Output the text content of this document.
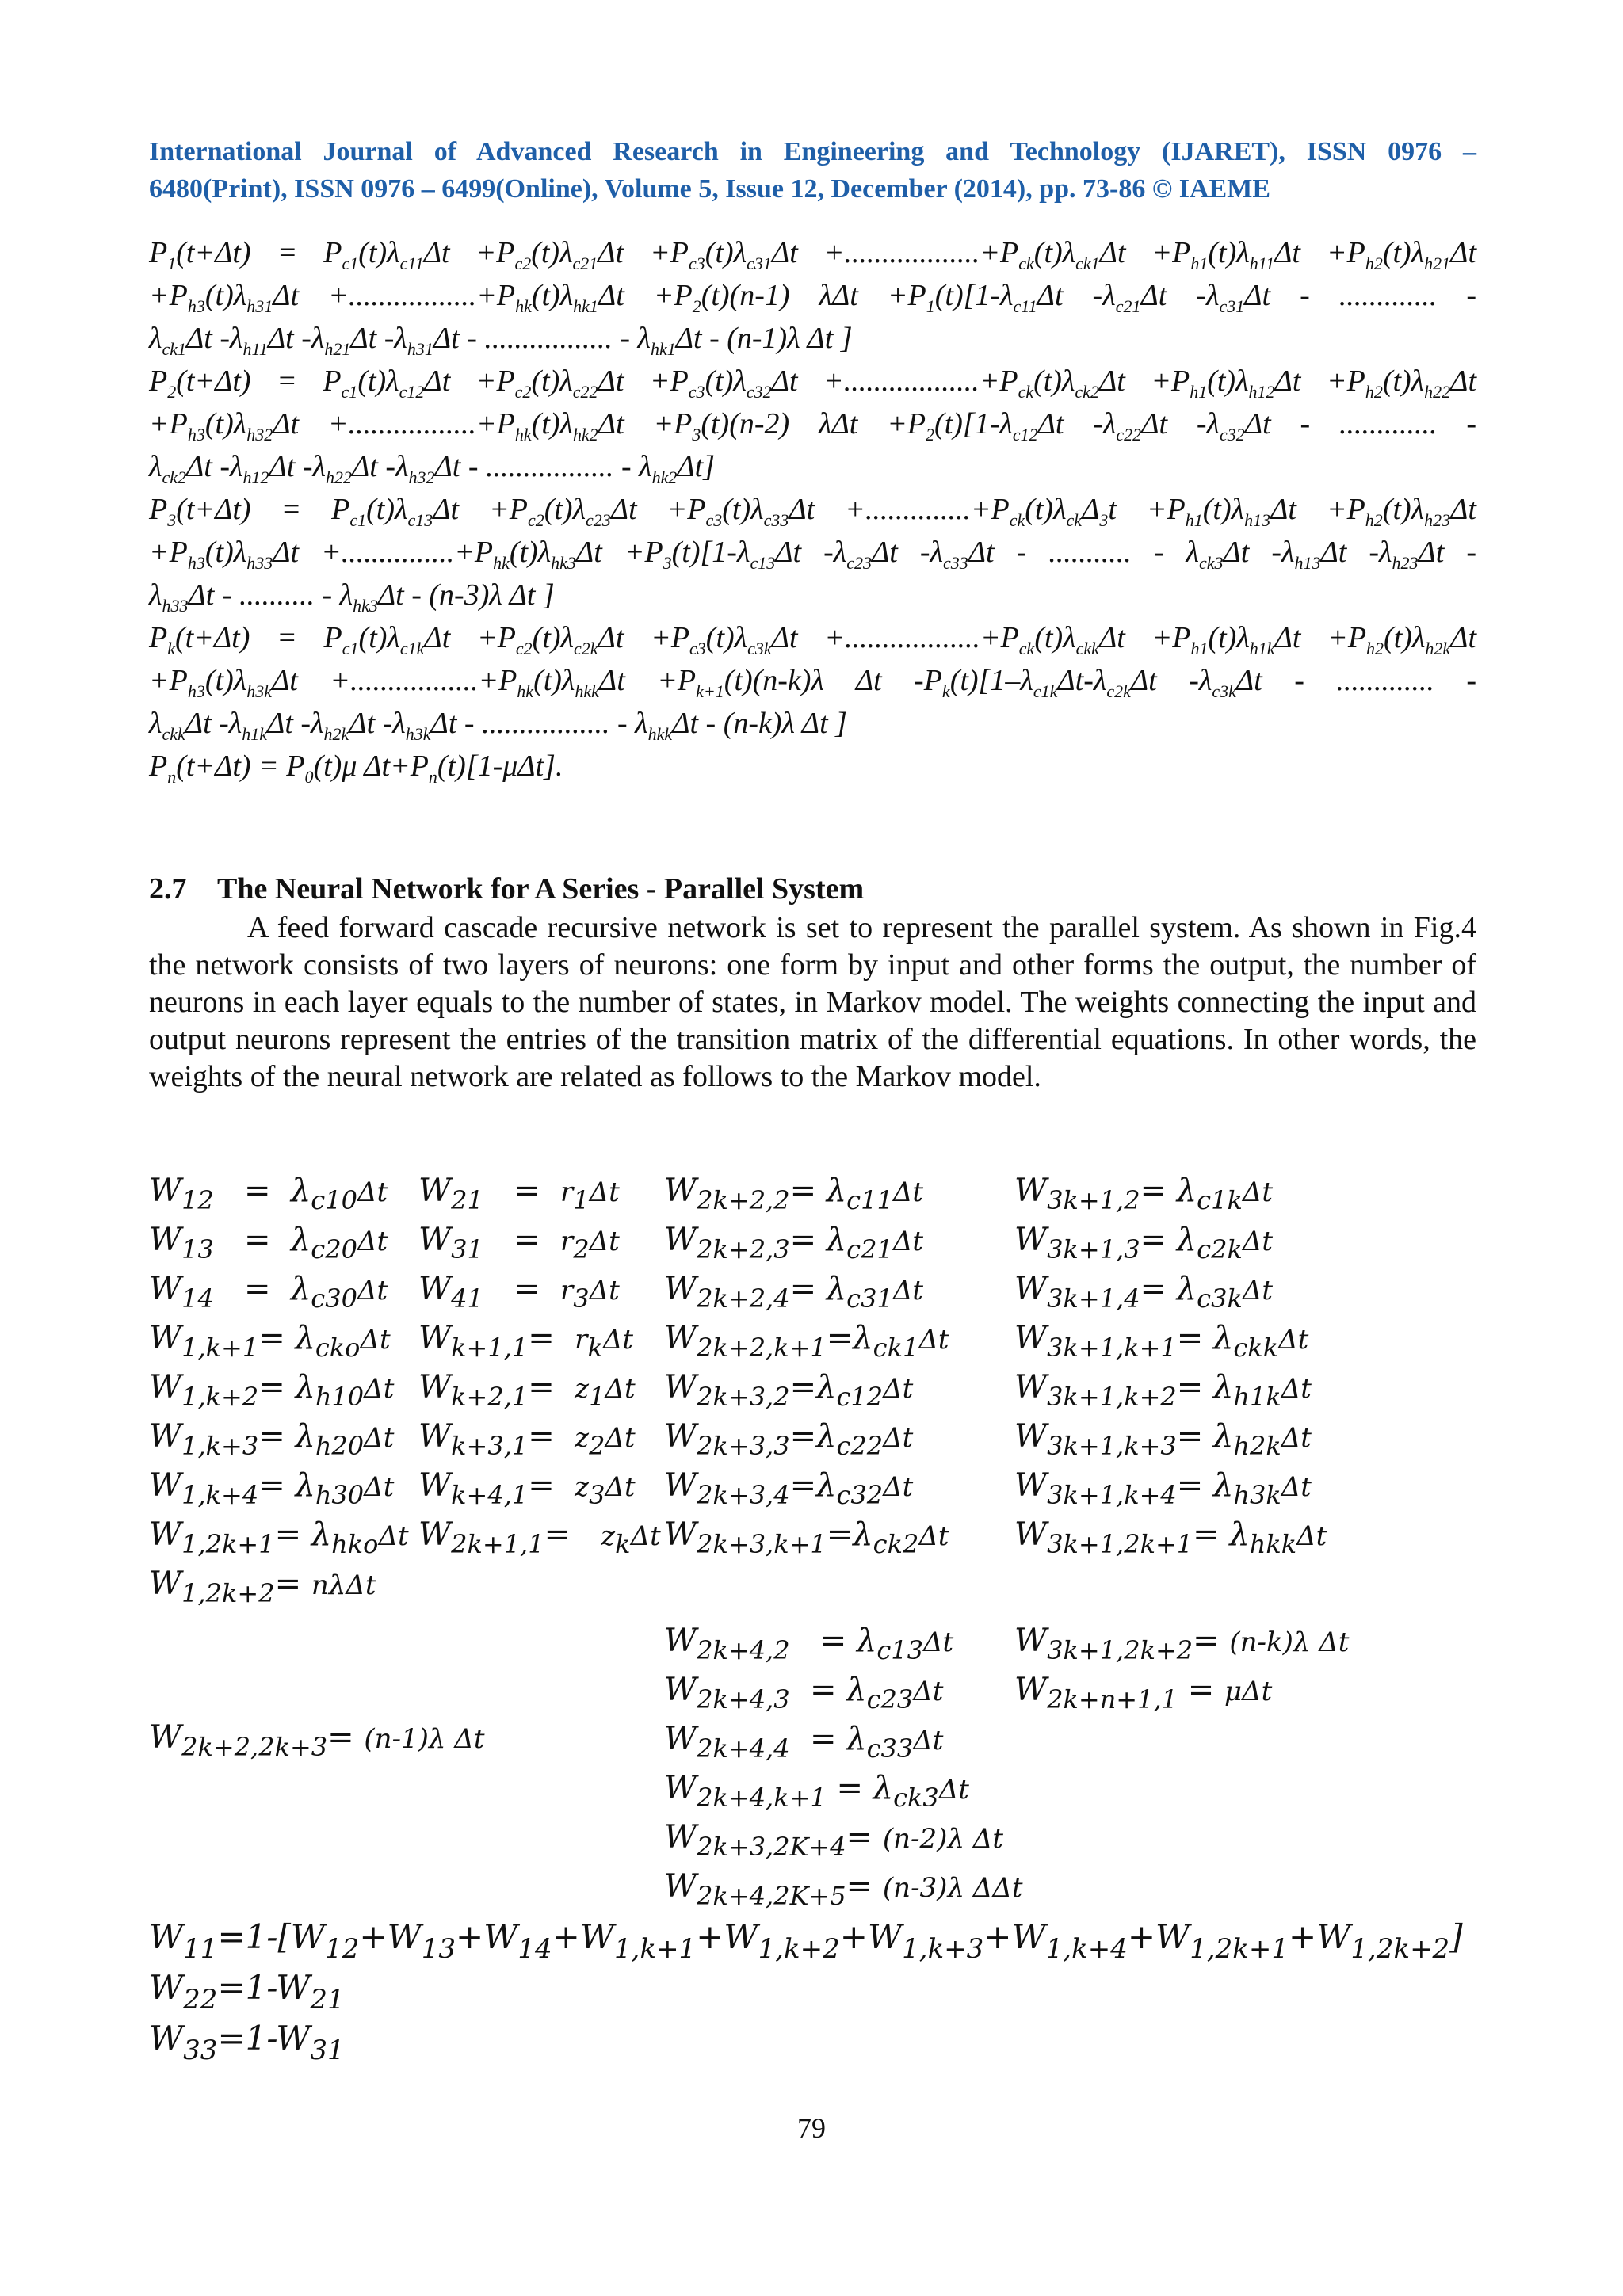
International Journal of Advanced Research in Engineering and Technology (IJARET), ISSN 0976 –
6480(Print), ISSN 0976 – 6499(Online), Volume 5, Issue 12, December (2014), pp. 73-86 © IAEME
$P_1(t+\Delta t) = P_{c1}(t)\lambda_{c11}\Delta t +P_{c2}(t)\lambda_{c21}\Delta t +P_{c3}(t)\lambda_{c31}\Delta t +..................+P_{ck}(t)\lambda_{ck1}\Delta t +P_{h1}(t)\lambda_{h11}\Delta t +P_{h2}(t)\lambda_{h21}\Delta t$
$+P_{h3}(t)\lambda_{h31}\Delta t +.................+P_{hk}(t)\lambda_{hk1}\Delta t +P_2(t)(n-1)$ $\lambda\Delta t +P_1(t)[1-\lambda_{c11}\Delta t$ $-\lambda_{c21}\Delta t$ $-\lambda_{c31}\Delta t$ - ............. -
$\lambda_{ck1}\Delta t$ $-\lambda_{h11}\Delta t$ $-\lambda_{h21}\Delta t$ $-\lambda_{h31}\Delta t$ - ................. - $\lambda_{hk1}\Delta t - (n-1)\lambda$ Δt ]
$P_2(t+\Delta t) = P_{c1}(t)\lambda_{c12}\Delta t +P_{c2}(t)\lambda_{c22}\Delta t +P_{c3}(t)\lambda_{c32}\Delta t +..................+P_{ck}(t)\lambda_{ck2}\Delta t +P_{h1}(t)\lambda_{h12}\Delta t +P_{h2}(t)\lambda_{h22}\Delta t$
$+P_{h3}(t)\lambda_{h32}\Delta t +.................+P_{hk}(t)\lambda_{hk2}\Delta t +P_3(t)(n-2)$ $\lambda\Delta t +P_2(t)[1-\lambda_{c12}\Delta t$ $-\lambda_{c22}\Delta t$ $-\lambda_{c32}\Delta t$ - ............. -
$\lambda_{ck2}\Delta t$ $-\lambda_{h12}\Delta t$ $-\lambda_{h22}\Delta t$ $-\lambda_{h32}\Delta t$ - ................. - $\lambda_{hk2}\Delta t$]
$P_3(t+\Delta t) = P_{c1}(t)\lambda_{c13}\Delta t +P_{c2}(t)\lambda_{c23}\Delta t +P_{c3}(t)\lambda_{c33}\Delta t +..............+P_{ck}(t)\lambda_{ck}\Delta_3t +P_{h1}(t)\lambda_{h13}\Delta t +P_{h2}(t)\lambda_{h23}\Delta t$
$+P_{h3}(t)\lambda_{h33}\Delta t +...............+P_{hk}(t)\lambda_{hk3}\Delta t +P_3(t)[1-\lambda_{c13}\Delta t$ $-\lambda_{c23}\Delta t$ $-\lambda_{c33}\Delta t$ - ........... - $\lambda_{ck3}\Delta t$ $-\lambda_{h13}\Delta t$ $-\lambda_{h23}\Delta t$ -
$\lambda_{h33}\Delta t$ - .......... - $\lambda_{hk3}\Delta t - (n-3)\lambda$ Δt ]
$P_k(t+\Delta t) = P_{c1}(t)\lambda_{c1k}\Delta t +P_{c2}(t)\lambda_{c2k}\Delta t +P_{c3}(t)\lambda_{c3k}\Delta t +..................+P_{ck}(t)\lambda_{ckk}\Delta t +P_{h1}(t)\lambda_{h1k}\Delta t +P_{h2}(t)\lambda_{h2k}\Delta t$
$+P_{h3}(t)\lambda_{h3k}\Delta t +.................+P_{hk}(t)\lambda_{hkk}\Delta t +P_{k+1}(t)(n-k)\lambda$ Δt $-P_k(t)[1-\lambda_{c1k}\Delta t-\lambda_{c2k}\Delta t$ $-\lambda_{c3k}\Delta t$ - ............. -
$\lambda_{ckk}\Delta t$ $-\lambda_{h1k}\Delta t$ $-\lambda_{h2k}\Delta t$ $-\lambda_{h3k}\Delta t$ - ................. - $\lambda_{hkk}\Delta t - (n-k)\lambda$ Δt ]
$P_n(t+\Delta t) = P_0(t)\mu$ $\Delta t+P_n(t)[1-\mu\Delta t]$.
2.7 The Neural Network for A Series - Parallel System
A feed forward cascade recursive network is set to represent the parallel system. As shown in Fig.4 the network consists of two layers of neurons: one form by input and other forms the output, the number of neurons in each layer equals to the number of states, in Markov model. The weights connecting the input and output neurons represent the entries of the transition matrix of the differential equations. In other words, the weights of the neural network are related as follows to the Markov model.
$W_{12} = \lambda_{c10}\Delta t$
$W_{13} = \lambda_{c20}\Delta t$
$W_{14} = \lambda_{c30}\Delta t$
$W_{1,k+1}= \lambda_{cko}\Delta t$
$W_{1,k+2}= \lambda_{h10}\Delta t$
$W_{1,k+3}= \lambda_{h20}\Delta t$
$W_{1,k+4}= \lambda_{h30}\Delta t$
$W_{1,2k+1}= \lambda_{hko}\Delta t$
$W_{1,2k+2}= n\lambda\Delta t$
$W_{2k+2,2k+3}= (n-1)\lambda$ Δt
$W_{21} = r_1\Delta t$
$W_{31} = r_2\Delta t$
$W_{41} = r_3\Delta t$
$W_{k+1,1}= r_k\Delta t$
$W_{k+2,1}= z_1\Delta t$
$W_{k+3,1}= z_2\Delta t$
$W_{k+4,1}= z_3\Delta t$
$W_{2k+1,1}= z_k\Delta t$
$W_{2k+2,2}= \lambda_{c11}\Delta t$
$W_{2k+2,3}= \lambda_{c21}\Delta t$
$W_{2k+2,4}= \lambda_{c31}\Delta t$
$W_{2k+2,k+1}=\lambda_{ck1}\Delta t$
$W_{2k+3,2}=\lambda_{c12}\Delta t$
$W_{2k+3,3}=\lambda_{c22}\Delta t$
$W_{2k+3,4}=\lambda_{c32}\Delta t$
$W_{2k+3,k+1}=\lambda_{ck2}\Delta t$
$W_{2k+4,2} = \lambda_{c13}\Delta t$
$W_{2k+4,3} = \lambda_{c23}\Delta t$
$W_{2k+4,4} = \lambda_{c33}\Delta t$
$W_{2k+4,k+1} = \lambda_{ck3}\Delta t$
$W_{2k+3,2K+4}= (n-2)\lambda$ Δt
$W_{2k+4,2K+5}= (n-3)\lambda$ ΔΔt
$W_{3k+1,2}= \lambda_{c1k}\Delta t$
$W_{3k+1,3}= \lambda_{c2k}\Delta t$
$W_{3k+1,4}= \lambda_{c3k}\Delta t$
$W_{3k+1,k+1}= \lambda_{ckk}\Delta t$
$W_{3k+1,k+2}= \lambda_{h1k}\Delta t$
$W_{3k+1,k+3}= \lambda_{h2k}\Delta t$
$W_{3k+1,k+4}= \lambda_{h3k}\Delta t$
$W_{3k+1,2k+1}= \lambda_{hkk}\Delta t$
$W_{3k+1,2k+2}= (n-k)\lambda$ Δt
$W_{2k+n+1,1} = \mu\Delta t$
$W_{11}=1-[W_{12}+W_{13}+W_{14}+W_{1,k+1}+W_{1,k+2}+W_{1,k+3}+W_{1,k+4}+W_{1,2k+1}+W_{1,2k+2}]$
$W_{22}=1-W_{21}$
$W_{33}=1-W_{31}$
79
